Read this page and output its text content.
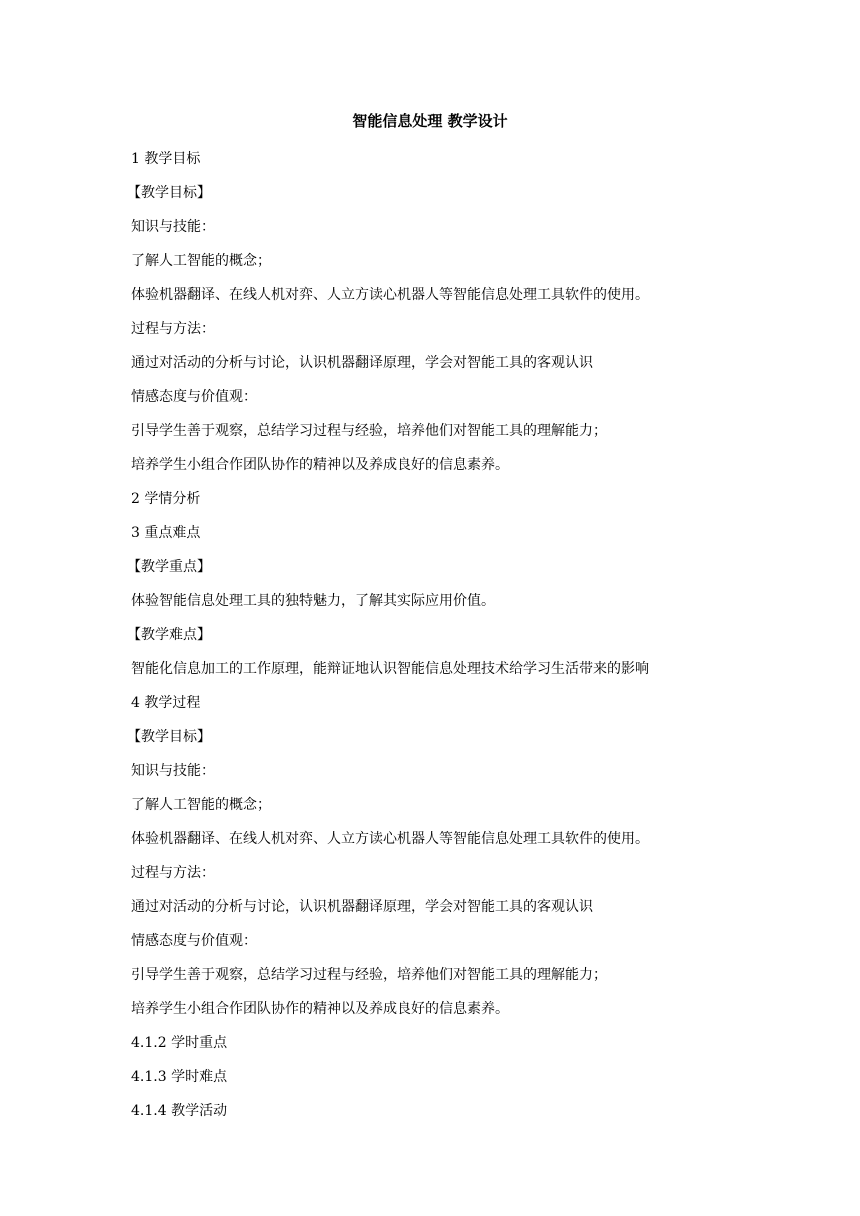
智能信息处理 教学设计
1 教学目标
【教学目标】
知识与技能：
了解人工智能的概念；
体验机器翻译、在线人机对弈、人立方读心机器人等智能信息处理工具软件的使用。
过程与方法：
通过对活动的分析与讨论，认识机器翻译原理，学会对智能工具的客观认识
情感态度与价值观：
引导学生善于观察，总结学习过程与经验，培养他们对智能工具的理解能力；
培养学生小组合作团队协作的精神以及养成良好的信息素养。
2 学情分析
3 重点难点
【教学重点】
体验智能信息处理工具的独特魅力，了解其实际应用价值。
【教学难点】
智能化信息加工的工作原理，能辩证地认识智能信息处理技术给学习生活带来的影响
4 教学过程
【教学目标】
知识与技能：
了解人工智能的概念；
体验机器翻译、在线人机对弈、人立方读心机器人等智能信息处理工具软件的使用。
过程与方法：
通过对活动的分析与讨论，认识机器翻译原理，学会对智能工具的客观认识
情感态度与价值观：
引导学生善于观察，总结学习过程与经验，培养他们对智能工具的理解能力；
培养学生小组合作团队协作的精神以及养成良好的信息素养。
4.1.2 学时重点
4.1.3 学时难点
4.1.4 教学活动
